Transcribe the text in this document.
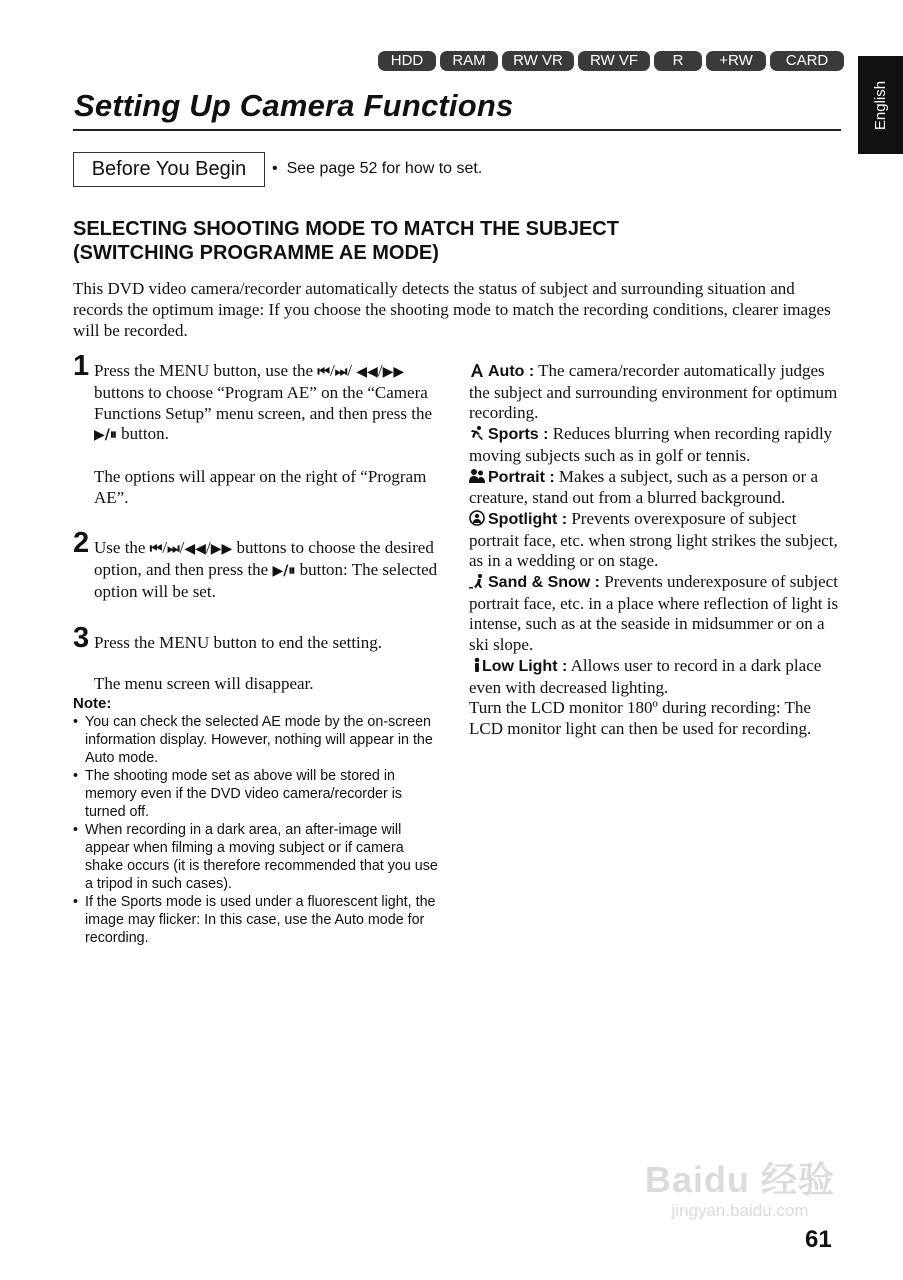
HDD	RAM	RW VR	RW VF	R	+RW	CARD
English
Setting Up Camera Functions
Before You Begin • See page 52 for how to set.
SELECTING SHOOTING MODE TO MATCH THE SUBJECT
(SWITCHING PROGRAMME AE MODE)

This DVD video camera/recorder automatically detects the status of subject and surrounding situation and records the optimum image: If you choose the shooting mode to match the recording conditions, clearer images will be recorded.

1 Press the MENU button, use the ⏮/⏭/ ◀◀/▶▶ buttons to choose “Program AE” on the “Camera Functions Setup” menu screen, and then press the ▶/⏸ button.
The options will appear on the right of “Program AE”.
2 Use the ⏮/⏭/◀◀/▶▶ buttons to choose the desired option, and then press the ▶/⏸ button: The selected option will be set.
3 Press the MENU button to end the setting.
The menu screen will disappear.
Note:
• You can check the selected AE mode by the on-screen information display. However, nothing will appear in the Auto mode.
• The shooting mode set as above will be stored in memory even if the DVD video camera/recorder is turned off.
• When recording in a dark area, an after-image will appear when filming a moving subject or if camera shake occurs (it is therefore recommended that you use a tripod in such cases).
• If the Sports mode is used under a fluorescent light, the image may flicker: In this case, use the Auto mode for recording.
Auto : The camera/recorder automatically judges the subject and surrounding environment for optimum recording.
Sports : Reduces blurring when recording rapidly moving subjects such as in golf or tennis.
Portrait : Makes a subject, such as a person or a creature, stand out from a blurred background.
Spotlight : Prevents overexposure of subject portrait face, etc. when strong light strikes the subject, as in a wedding or on stage.
Sand & Snow : Prevents underexposure of subject portrait face, etc. in a place where reflection of light is intense, such as at the seaside in midsummer or on a ski slope.
Low Light : Allows user to record in a dark place even with decreased lighting.
Turn the LCD monitor 180º during recording: The LCD monitor light can then be used for recording.
Baidu 经验
jingyan.baidu.com
61
